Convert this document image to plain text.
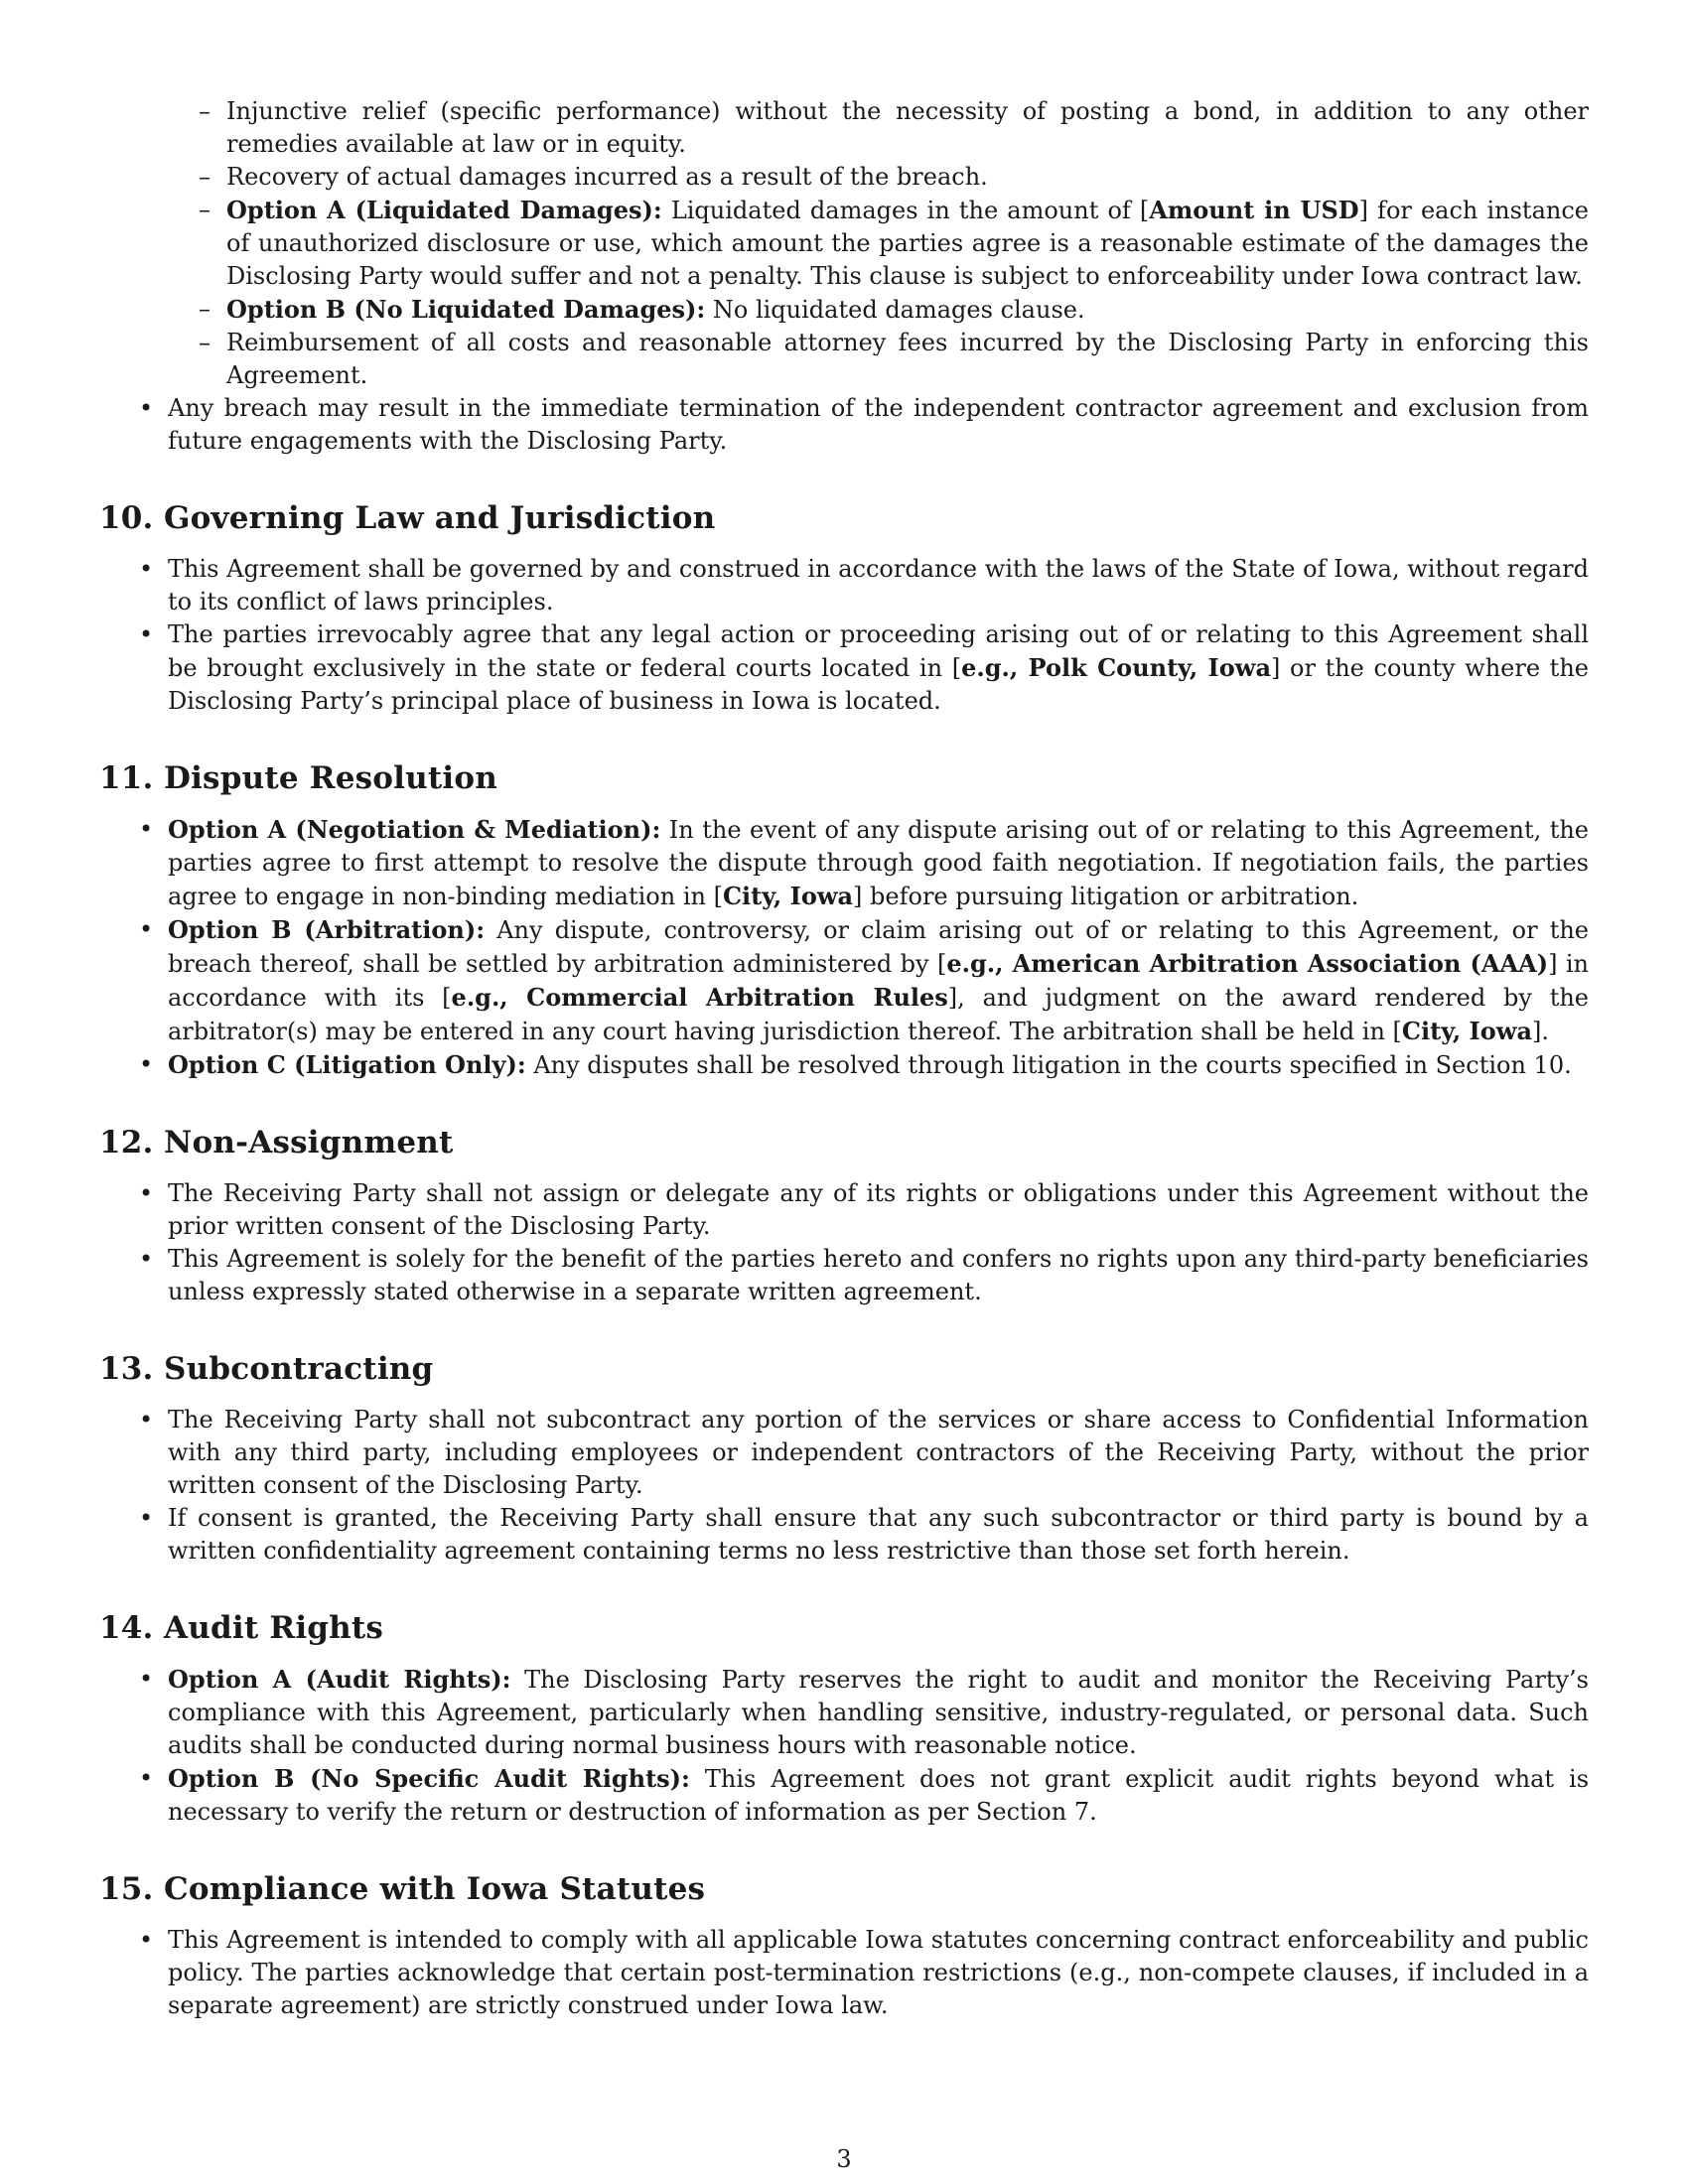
– Injunctive relief (specific performance) without the necessity of posting a bond, in addition to any other remedies available at law or in equity.
– Recovery of actual damages incurred as a result of the breach.
– Option A (Liquidated Damages): Liquidated damages in the amount of [Amount in USD] for each instance of unauthorized disclosure or use, which amount the parties agree is a reasonable estimate of the damages the Disclosing Party would suffer and not a penalty. This clause is subject to enforceability under Iowa contract law.
– Option B (No Liquidated Damages): No liquidated damages clause.
– Reimbursement of all costs and reasonable attorney fees incurred by the Disclosing Party in enforcing this Agreement.
• Any breach may result in the immediate termination of the independent contractor agreement and exclusion from future engagements with the Disclosing Party.
10. Governing Law and Jurisdiction
• This Agreement shall be governed by and construed in accordance with the laws of the State of Iowa, without regard to its conflict of laws principles.
• The parties irrevocably agree that any legal action or proceeding arising out of or relating to this Agreement shall be brought exclusively in the state or federal courts located in [e.g., Polk County, Iowa] or the county where the Disclosing Party’s principal place of business in Iowa is located.
11. Dispute Resolution
• Option A (Negotiation & Mediation): In the event of any dispute arising out of or relating to this Agreement, the parties agree to first attempt to resolve the dispute through good faith negotiation. If negotiation fails, the parties agree to engage in non-binding mediation in [City, Iowa] before pursuing litigation or arbitration.
• Option B (Arbitration): Any dispute, controversy, or claim arising out of or relating to this Agreement, or the breach thereof, shall be settled by arbitration administered by [e.g., American Arbitration Association (AAA)] in accordance with its [e.g., Commercial Arbitration Rules], and judgment on the award rendered by the arbitrator(s) may be entered in any court having jurisdiction thereof. The arbitration shall be held in [City, Iowa].
• Option C (Litigation Only): Any disputes shall be resolved through litigation in the courts specified in Section 10.
12. Non-Assignment
• The Receiving Party shall not assign or delegate any of its rights or obligations under this Agreement without the prior written consent of the Disclosing Party.
• This Agreement is solely for the benefit of the parties hereto and confers no rights upon any third-party beneficiaries unless expressly stated otherwise in a separate written agreement.
13. Subcontracting
• The Receiving Party shall not subcontract any portion of the services or share access to Confidential Information with any third party, including employees or independent contractors of the Receiving Party, without the prior written consent of the Disclosing Party.
• If consent is granted, the Receiving Party shall ensure that any such subcontractor or third party is bound by a written confidentiality agreement containing terms no less restrictive than those set forth herein.
14. Audit Rights
• Option A (Audit Rights): The Disclosing Party reserves the right to audit and monitor the Receiving Party’s compliance with this Agreement, particularly when handling sensitive, industry-regulated, or personal data. Such audits shall be conducted during normal business hours with reasonable notice.
• Option B (No Specific Audit Rights): This Agreement does not grant explicit audit rights beyond what is necessary to verify the return or destruction of information as per Section 7.
15. Compliance with Iowa Statutes
• This Agreement is intended to comply with all applicable Iowa statutes concerning contract enforceability and public policy. The parties acknowledge that certain post-termination restrictions (e.g., non-compete clauses, if included in a separate agreement) are strictly construed under Iowa law.
3
